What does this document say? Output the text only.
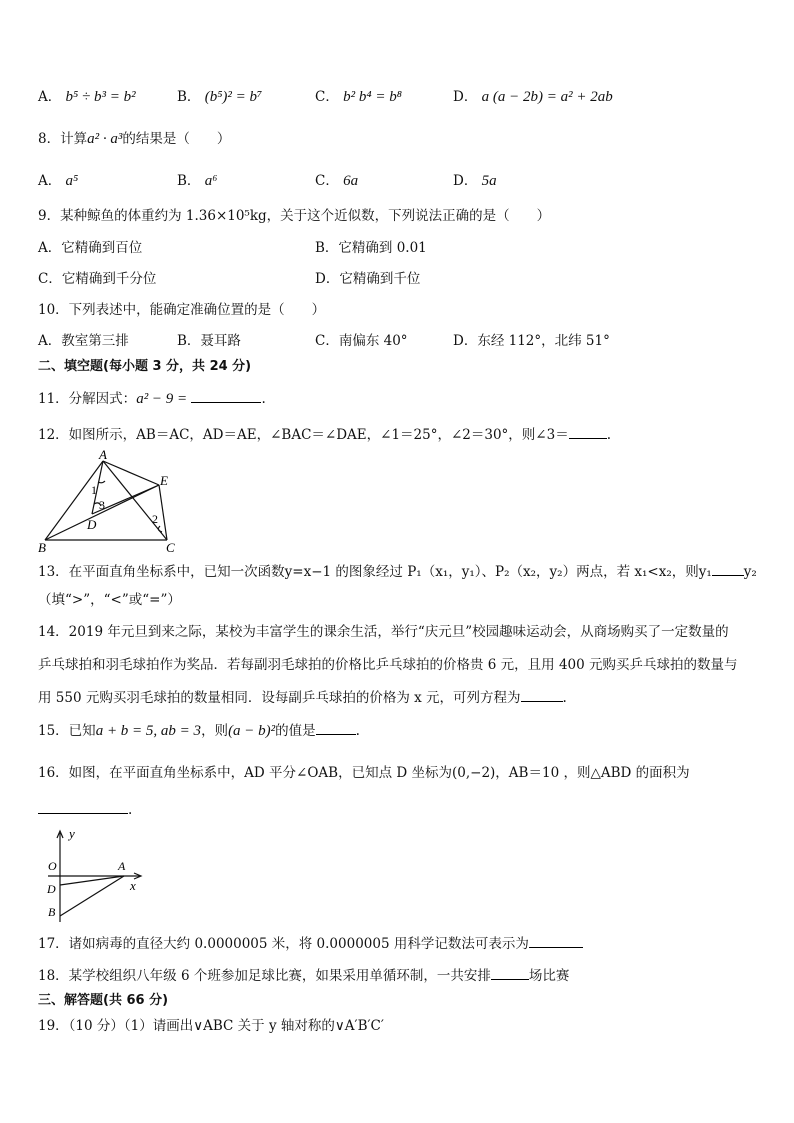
A． b⁵ ÷ b³ = b²	B． (b⁵)² = b⁷	C． b² b⁴ = b⁸	D． a (a − 2b) = a² + 2ab
8．计算a² · a³的结果是（　　）
A． a⁵	B． a⁶	C． 6a	D． 5a
9．某种鲸鱼的体重约为 1.36×10⁵kg，关于这个近似数，下列说法正确的是（　　）
A．它精确到百位	B．它精确到 0.01
C．它精确到千分位	D．它精确到千位
10．下列表述中，能确定准确位置的是（　　）
A．教室第三排	B．聂耳路	C．南偏东 40°	D．东经 112°，北纬 51°
二、填空题(每小题 3 分，共 24 分)
11．分解因式：a² − 9 =	.
12．如图所示，AB＝AC，AD＝AE，∠BAC＝∠DAE，∠1＝25°，∠2＝30°，则∠3＝	.
A
B	C
D
E
1
2
3
13．在平面直角坐标系中，已知一次函数y=x−1 的图象经过 P₁（x₁，y₁）、P₂（x₂，y₂）两点，若 x₁<x₂，则y₁ y₂
（填“>”，“<”或“=”）
14．2019 年元旦到来之际，某校为丰富学生的课余生活，举行“庆元旦”校园趣味运动会，从商场购买了一定数量的
乒乓球拍和羽毛球拍作为奖品．若每副羽毛球拍的价格比乒乓球拍的价格贵 6 元，且用 400 元购买乒乓球拍的数量与
用 550 元购买羽毛球拍的数量相同．设每副乒乓球拍的价格为 x 元，可列方程为	.
15．已知a + b = 5, ab = 3，则(a − b)²的值是	.
16．如图，在平面直角坐标系中，AD 平分∠OAB，已知点 D 坐标为(0,−2)，AB＝10 ，则△ABD 的面积为
.
y
x
O	A
D
B
17．诸如病毒的直径大约 0.0000005 米，将 0.0000005 用科学记数法可表示为
18．某学校组织八年级 6 个班参加足球比赛，如果采用单循环制，一共安排	场比赛
三、解答题(共 66 分)
19．（10 分）（1）请画出∨ABC 关于 y 轴对称的∨A′B′C′
